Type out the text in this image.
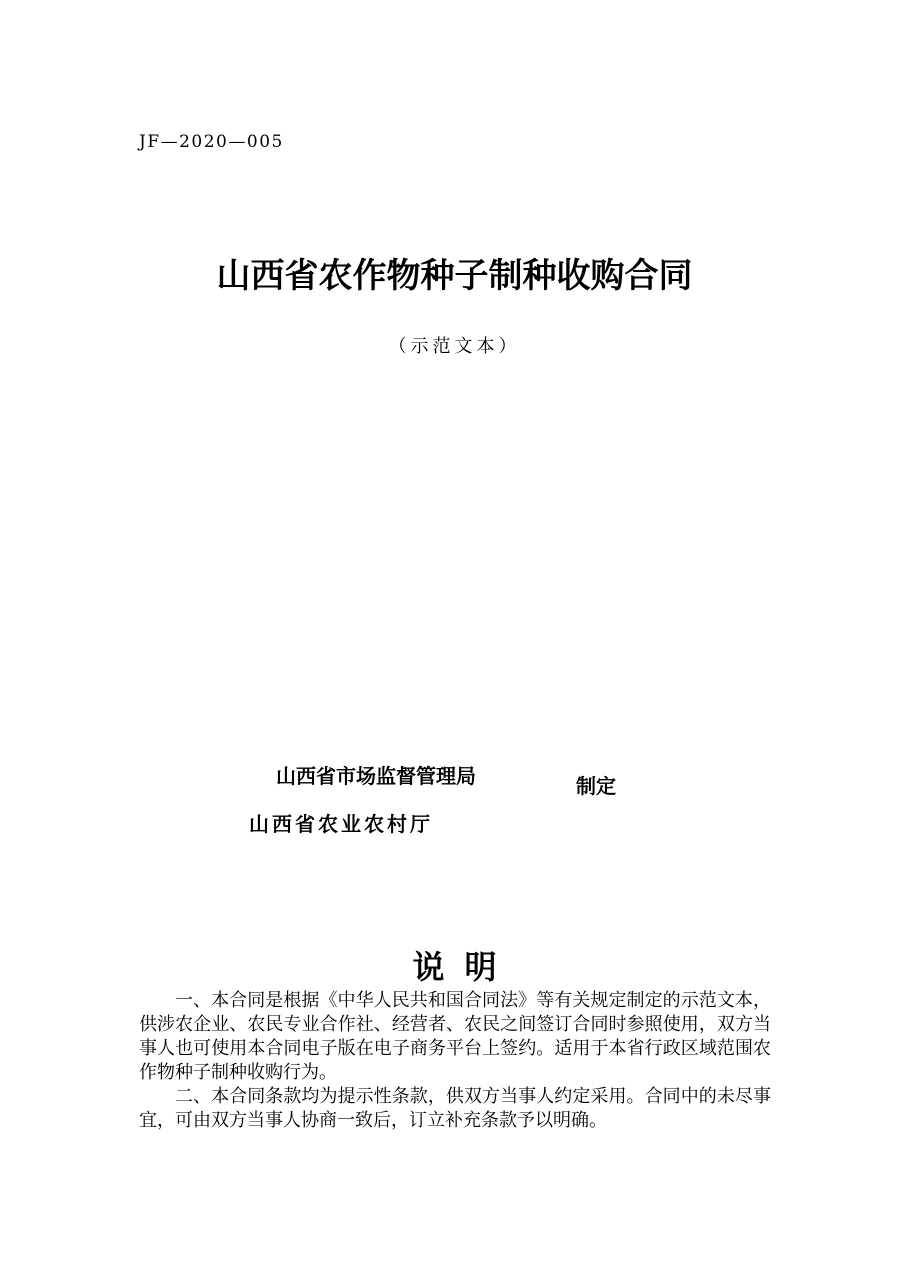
JF—2020—005
山西省农作物种子制种收购合同
（示范文本）
山西省市场监督管理局
山西省农业农村厅
制定
说 明

一、本合同是根据《中华人民共和国合同法》等有关规定制定的示范文本，供涉农企业、农民专业合作社、经营者、农民之间签订合同时参照使用，双方当事人也可使用本合同电子版在电子商务平台上签约。适用于本省行政区域范围农作物种子制种收购行为。

二、本合同条款均为提示性条款，供双方当事人约定采用。合同中的未尽事宜，可由双方当事人协商一致后，订立补充条款予以明确。
